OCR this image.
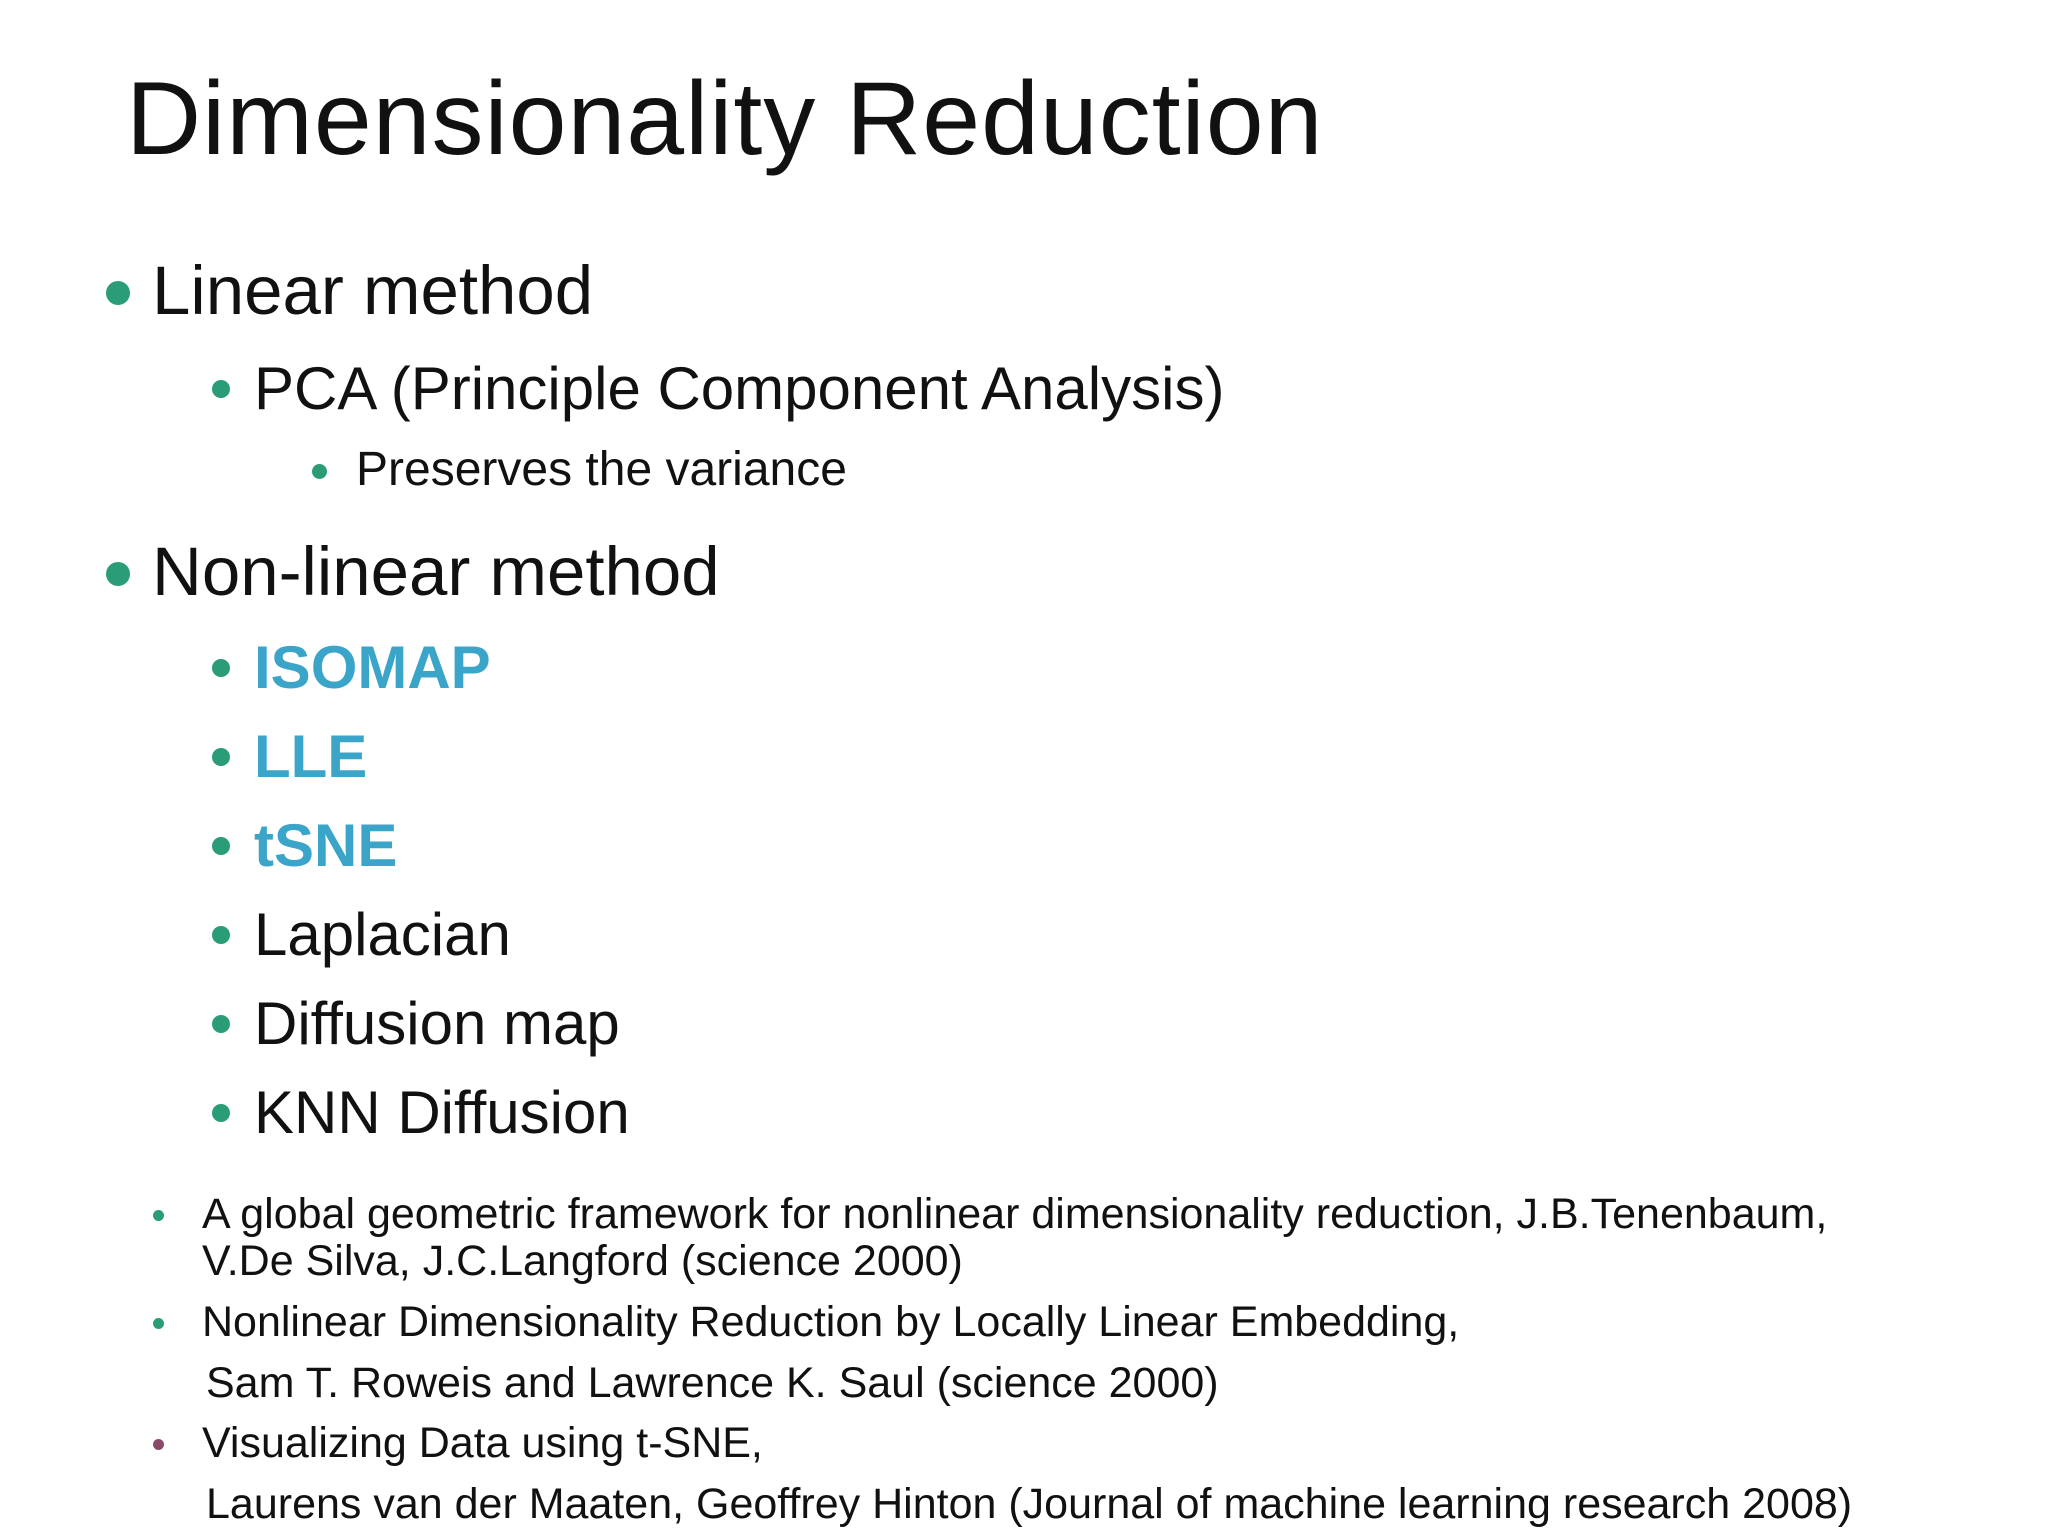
Dimensionality Reduction
Linear method
PCA (Principle Component Analysis)
Preserves the variance
Non-linear method
ISOMAP
LLE
tSNE
Laplacian
Diffusion map
KNN Diffusion
A global geometric framework for nonlinear dimensionality reduction, J.B.Tenenbaum,
V.De Silva, J.C.Langford (science 2000)
Nonlinear Dimensionality Reduction by Locally Linear Embedding,
Sam T. Roweis and Lawrence K. Saul (science 2000)
Visualizing Data using t-SNE,
Laurens van der Maaten, Geoffrey Hinton (Journal of machine learning research 2008)
